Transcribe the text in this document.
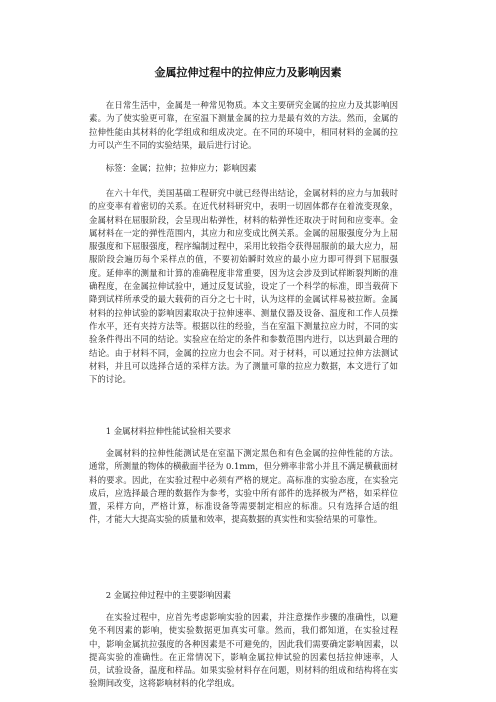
金属拉伸过程中的拉伸应力及影响因素

在日常生活中，金属是一种常见物质。本文主要研究金属的拉应力及其影响因素。为了使实验更可靠，在室温下测量金属的拉力是最有效的方法。然而，金属的拉伸性能由其材料的化学组成和组成决定。在不同的环境中，相同材料的金属的拉力可以产生不同的实验结果，最后进行讨论。

标签：金属；拉伸；拉伸应力；影响因素

在六十年代，美国基础工程研究中就已经得出结论，金属材料的应力与加载时的应变率有着密切的关系。在近代材料研究中，表明一切固体都存在着流变现象，金属材料在屈服阶段，会呈现出粘弹性，材料的粘弹性还取决于时间和应变率。金属材料在一定的弹性范围内，其应力和应变成比例关系。金属的屈服强度分为上屈服强度和下屈服强度，程序编制过程中，采用比较指令获得屈服前的最大应力，屈服阶段会遍历每个采样点的值，不要初始瞬时效应的最小应力即可得到下屈服强度。延伸率的测量和计算的准确程度非常重要，因为这会涉及到试样断裂判断的准确程度，在金属拉伸试验中，通过反复试验，设定了一个科学的标准，即当载荷下降到试样所承受的最大载荷的百分之七十时，认为这样的金属试样易被拉断。金属材料的拉伸试验的影响因素取决于拉伸速率、测量仪器及设备、温度和工作人员操作水平，还有夹持方法等。根据以往的经验，当在室温下测量拉应力时，不同的实验条件得出不同的结论。实验应在给定的条件和参数范围内进行，以达到最合理的结论。由于材料不同，金属的拉应力也会不同。对于材料，可以通过拉伸方法测试材料，并且可以选择合适的采样方法。为了测量可靠的拉应力数据，本文进行了如下的讨论。

1 金属材料拉伸性能试验相关要求

金属材料的拉伸性能测试是在室温下测定黑色和有色金属的拉伸性能的方法。通常，所测量的物体的横截面半径为 0.1mm，但分辨率非常小并且不满足横截面材料的要求。因此，在实验过程中必须有严格的规定。高标准的实验态度，在实验完成后，应选择最合理的数据作为参考，实验中所有部件的选择极为严格，如采样位置，采样方向，严格计算，标准设备等需要制定相应的标准。只有选择合适的组件，才能大大提高实验的质量和效率，提高数据的真实性和实验结果的可靠性。

2 金属拉伸过程中的主要影响因素

在实验过程中，应首先考虑影响实验的因素，并注意操作步骤的准确性，以避免不利因素的影响，使实验数据更加真实可靠。然而，我们都知道，在实验过程中，影响金属抗拉强度的各种因素是不可避免的，因此我们需要确定影响因素，以提高实验的准确性。在正常情况下，影响金属拉伸试验的因素包括拉伸速率，人员，试验设备，温度和样品。如果实验材料存在问题，则材料的组成和结构将在实验期间改变，这将影响材料的化学组成。
